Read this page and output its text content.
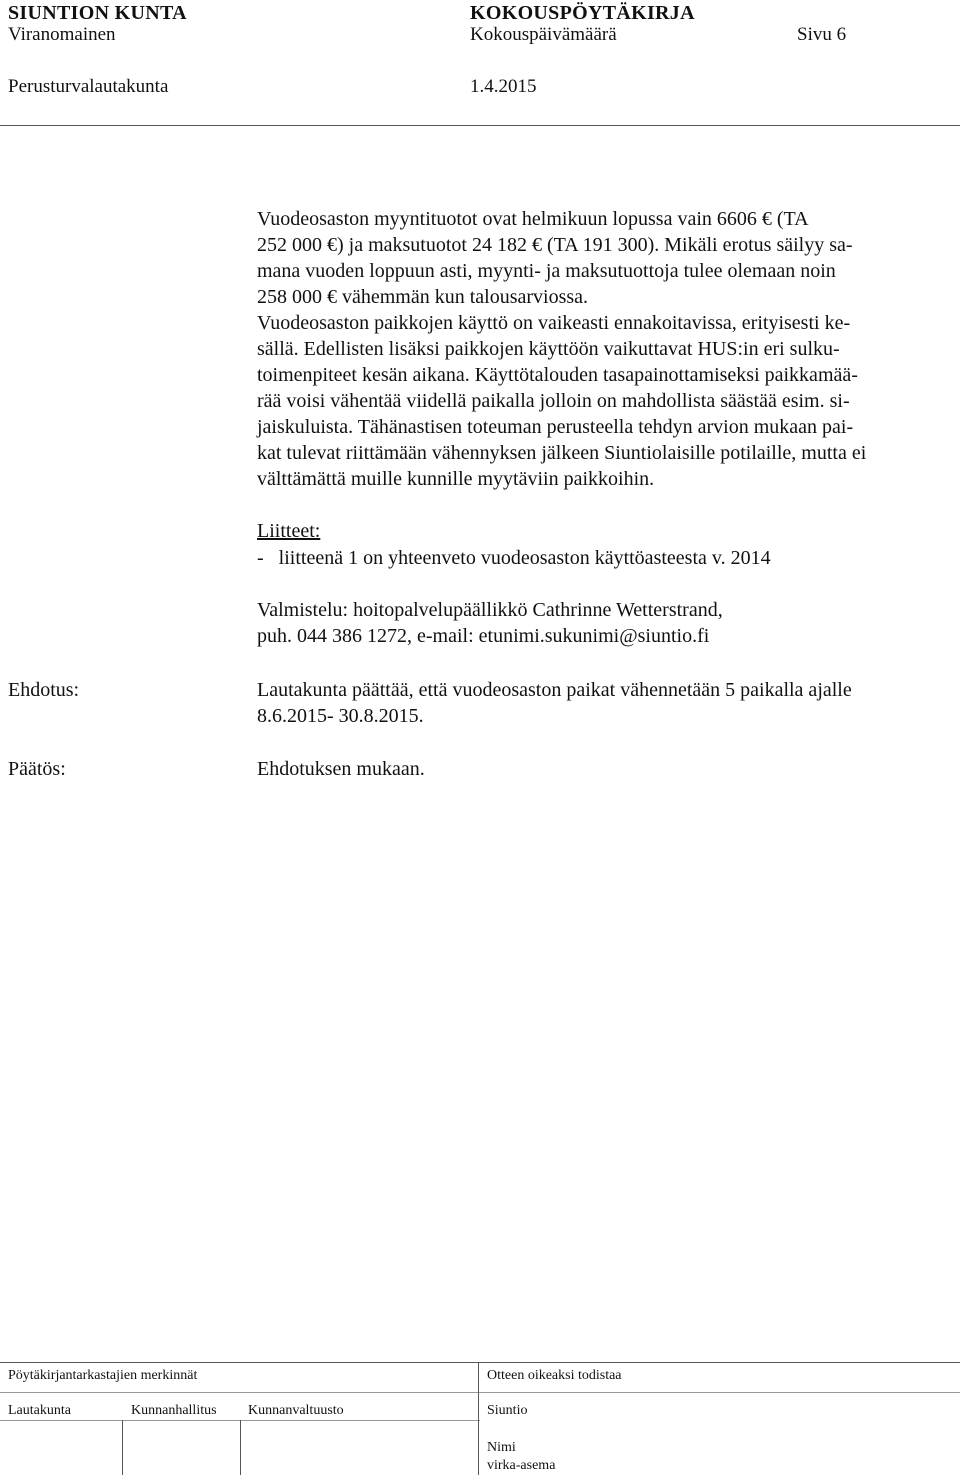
SIUNTION KUNTA	KOKOUSPÖYTÄKIRJA
Viranomainen	Kokouspäivämäärä	Sivu 6
Perusturvalautakunta	1.4.2015
Vuodeosaston myyntituotot ovat helmikuun lopussa vain 6606 € (TA
252 000 €) ja maksutuotot 24 182 € (TA 191 300). Mikäli erotus säilyy sa-
mana vuoden loppuun asti, myynti- ja maksutuottoja tulee olemaan noin
258 000 € vähemmän kun talousarviossa.
Vuodeosaston paikkojen käyttö on vaikeasti ennakoitavissa, erityisesti ke-
sällä. Edellisten lisäksi paikkojen käyttöön vaikuttavat HUS:in eri sulku-
toimenpiteet kesän aikana. Käyttötalouden tasapainottamiseksi paikkamää-
rää voisi vähentää viidellä paikalla jolloin on mahdollista säästää esim. si-
jaiskuluista. Tähänastisen toteuman perusteella tehdyn arvion mukaan pai-
kat tulevat riittämään vähennyksen jälkeen Siuntiolaisille potilaille, mutta ei
välttämättä muille kunnille myytäviin paikkoihin.
Liitteet:
-   liitteenä 1 on yhteenveto vuodeosaston käyttöasteesta v. 2014
Valmistelu: hoitopalvelupäällikkö Cathrinne Wetterstrand,
puh. 044 386 1272, e-mail: etunimi.sukunimi@siuntio.fi
Ehdotus:	Lautakunta päättää, että vuodeosaston paikat vähennetään 5 paikalla ajalle
8.6.2015- 30.8.2015.
Päätös:	Ehdotuksen mukaan.
Pöytäkirjantarkastajien merkinnät	Otteen oikeaksi todistaa
Lautakunta	Kunnanhallitus Kunnanvaltuusto	Siuntio
Nimi
virka-asema
